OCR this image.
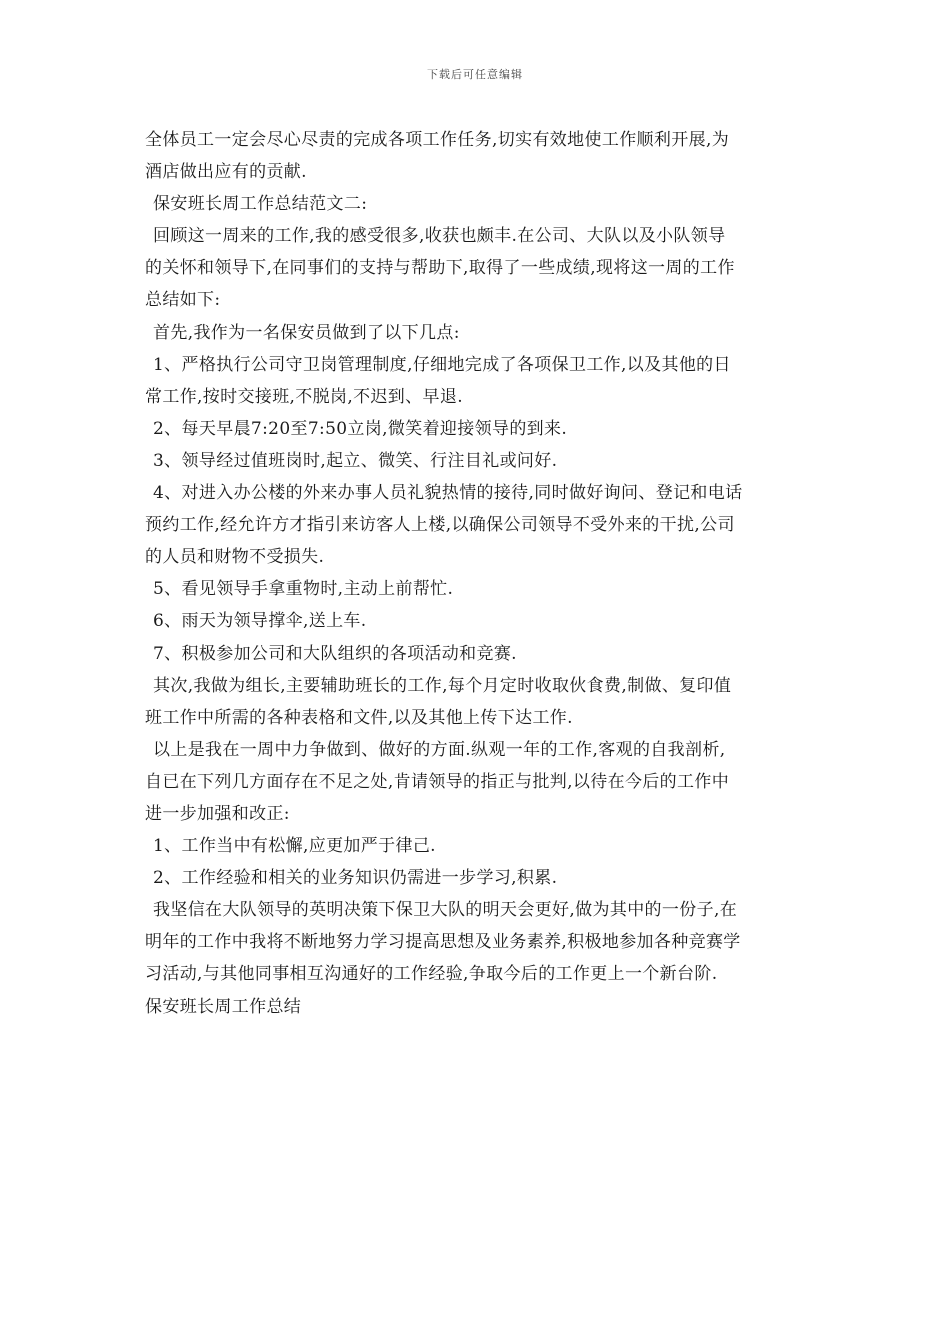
下载后可任意编辑
全体员工一定会尽心尽责的完成各项工作任务,切实有效地使工作顺利开展,为
酒店做出应有的贡献.
保安班长周工作总结范文二:
回顾这一周来的工作,我的感受很多,收获也颇丰.在公司、大队以及小队领导
的关怀和领导下,在同事们的支持与帮助下,取得了一些成绩,现将这一周的工作
总结如下:
首先,我作为一名保安员做到了以下几点:
1、严格执行公司守卫岗管理制度,仔细地完成了各项保卫工作,以及其他的日
常工作,按时交接班,不脱岗,不迟到、早退.
2、每天早晨7:20至7:50立岗,微笑着迎接领导的到来.
3、领导经过值班岗时,起立、微笑、行注目礼或问好.
4、对进入办公楼的外来办事人员礼貌热情的接待,同时做好询问、登记和电话
预约工作,经允许方才指引来访客人上楼,以确保公司领导不受外来的干扰,公司
的人员和财物不受损失.
5、看见领导手拿重物时,主动上前帮忙.
6、雨天为领导撑伞,送上车.
7、积极参加公司和大队组织的各项活动和竞赛.
其次,我做为组长,主要辅助班长的工作,每个月定时收取伙食费,制做、复印值
班工作中所需的各种表格和文件,以及其他上传下达工作.
以上是我在一周中力争做到、做好的方面.纵观一年的工作,客观的自我剖析,
自已在下列几方面存在不足之处,肯请领导的指正与批判,以待在今后的工作中
进一步加强和改正:
1、工作当中有松懈,应更加严于律己.
2、工作经验和相关的业务知识仍需进一步学习,积累.
我坚信在大队领导的英明决策下保卫大队的明天会更好,做为其中的一份子,在
明年的工作中我将不断地努力学习提高思想及业务素养,积极地参加各种竞赛学
习活动,与其他同事相互沟通好的工作经验,争取今后的工作更上一个新台阶.
保安班长周工作总结
